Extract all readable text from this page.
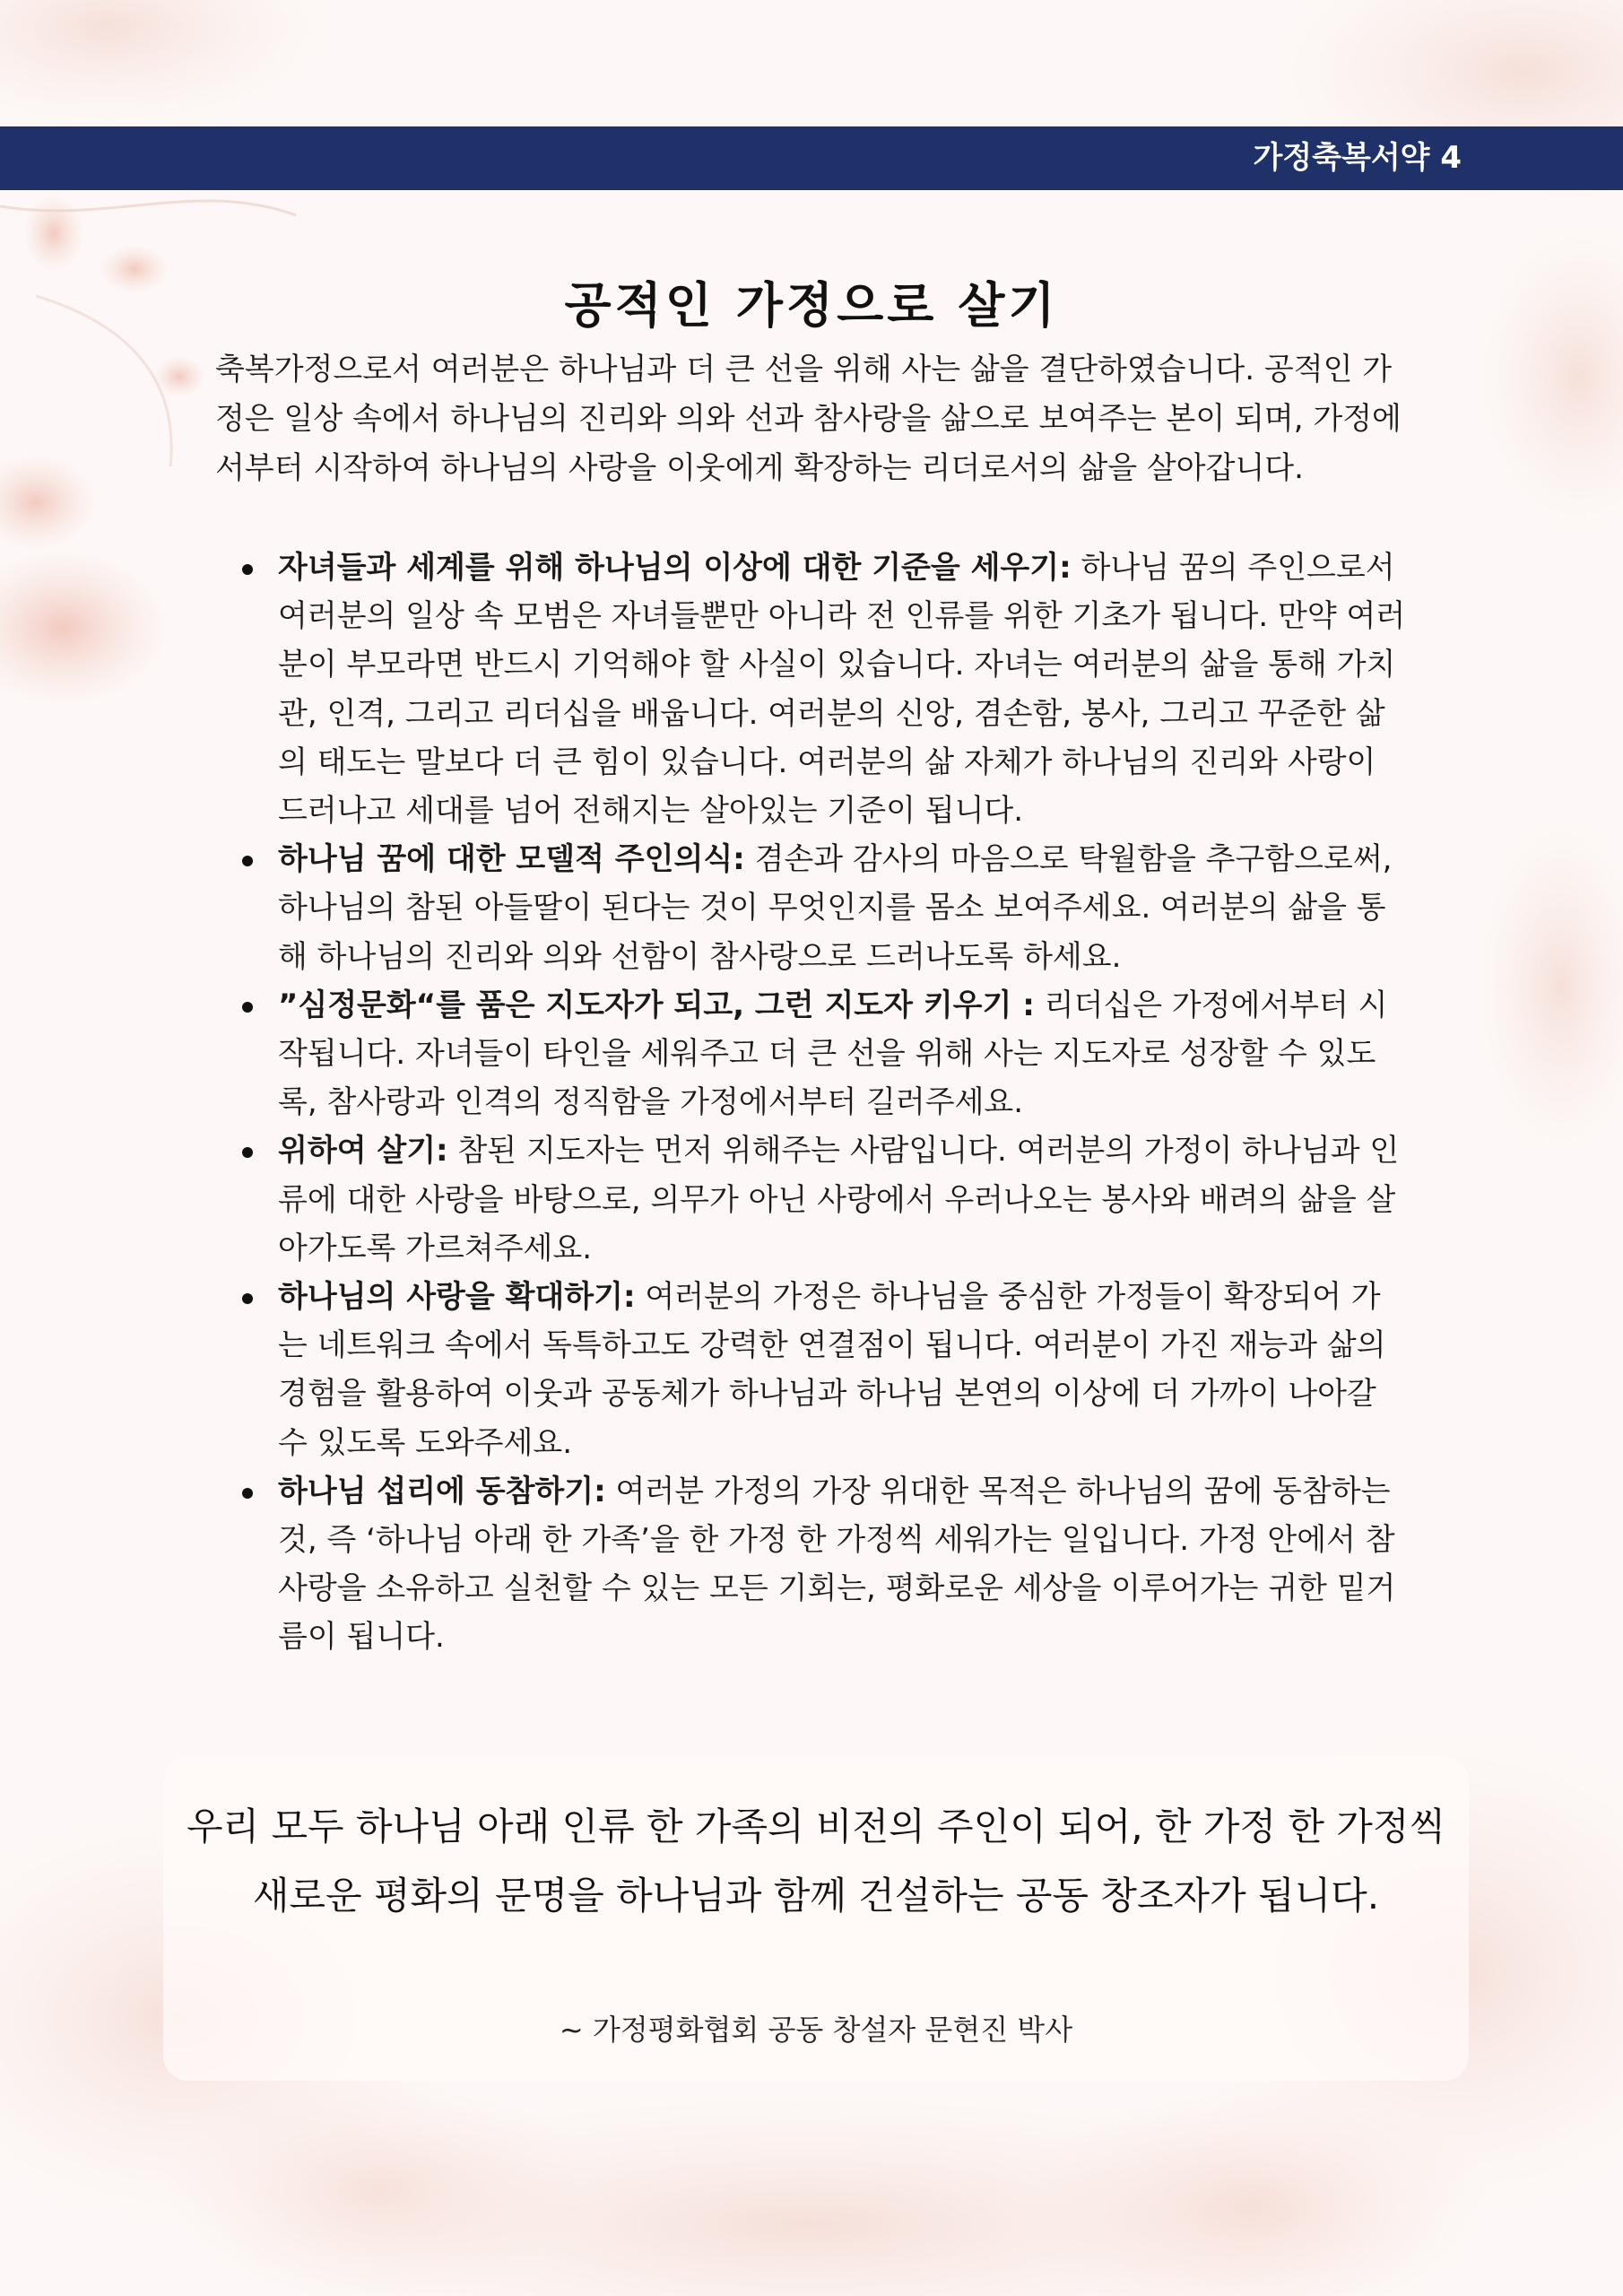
가정축복서약 4
공적인 가정으로 살기

축복가정으로서 여러분은 하나님과 더 큰 선을 위해 사는 삶을 결단하였습니다. 공적인 가정은 일상 속에서 하나님의 진리와 의와 선과 참사랑을 삶으로 보여주는 본이 되며, 가정에서부터 시작하여 하나님의 사랑을 이웃에게 확장하는 리더로서의 삶을 살아갑니다.

자녀들과 세계를 위해 하나님의 이상에 대한 기준을 세우기: 하나님 꿈의 주인으로서 여러분의 일상 속 모범은 자녀들뿐만 아니라 전 인류를 위한 기초가 됩니다. 만약 여러분이 부모라면 반드시 기억해야 할 사실이 있습니다. 자녀는 여러분의 삶을 통해 가치관, 인격, 그리고 리더십을 배웁니다. 여러분의 신앙, 겸손함, 봉사, 그리고 꾸준한 삶의 태도는 말보다 더 큰 힘이 있습니다. 여러분의 삶 자체가 하나님의 진리와 사랑이 드러나고 세대를 넘어 전해지는 살아있는 기준이 됩니다.
하나님 꿈에 대한 모델적 주인의식: 겸손과 감사의 마음으로 탁월함을 추구함으로써, 하나님의 참된 아들딸이 된다는 것이 무엇인지를 몸소 보여주세요. 여러분의 삶을 통해 하나님의 진리와 의와 선함이 참사랑으로 드러나도록 하세요.
”심정문화“를 품은 지도자가 되고, 그런 지도자 키우기 : 리더십은 가정에서부터 시작됩니다. 자녀들이 타인을 세워주고 더 큰 선을 위해 사는 지도자로 성장할 수 있도록, 참사랑과 인격의 정직함을 가정에서부터 길러주세요.
위하여 살기: 참된 지도자는 먼저 위해주는 사람입니다. 여러분의 가정이 하나님과 인류에 대한 사랑을 바탕으로, 의무가 아닌 사랑에서 우러나오는 봉사와 배려의 삶을 살아가도록 가르쳐주세요.
하나님의 사랑을 확대하기: 여러분의 가정은 하나님을 중심한 가정들이 확장되어 가는 네트워크 속에서 독특하고도 강력한 연결점이 됩니다. 여러분이 가진 재능과 삶의 경험을 활용하여 이웃과 공동체가 하나님과 하나님 본연의 이상에 더 가까이 나아갈 수 있도록 도와주세요.
하나님 섭리에 동참하기: 여러분 가정의 가장 위대한 목적은 하나님의 꿈에 동참하는 것, 즉 ‘하나님 아래 한 가족’을 한 가정 한 가정씩 세워가는 일입니다. 가정 안에서 참사랑을 소유하고 실천할 수 있는 모든 기회는, 평화로운 세상을 이루어가는 귀한 밑거름이 됩니다.

우리 모두 하나님 아래 인류 한 가족의 비전의 주인이 되어, 한 가정 한 가정씩 새로운 평화의 문명을 하나님과 함께 건설하는 공동 창조자가 됩니다.

~ 가정평화협회 공동 창설자 문현진 박사
